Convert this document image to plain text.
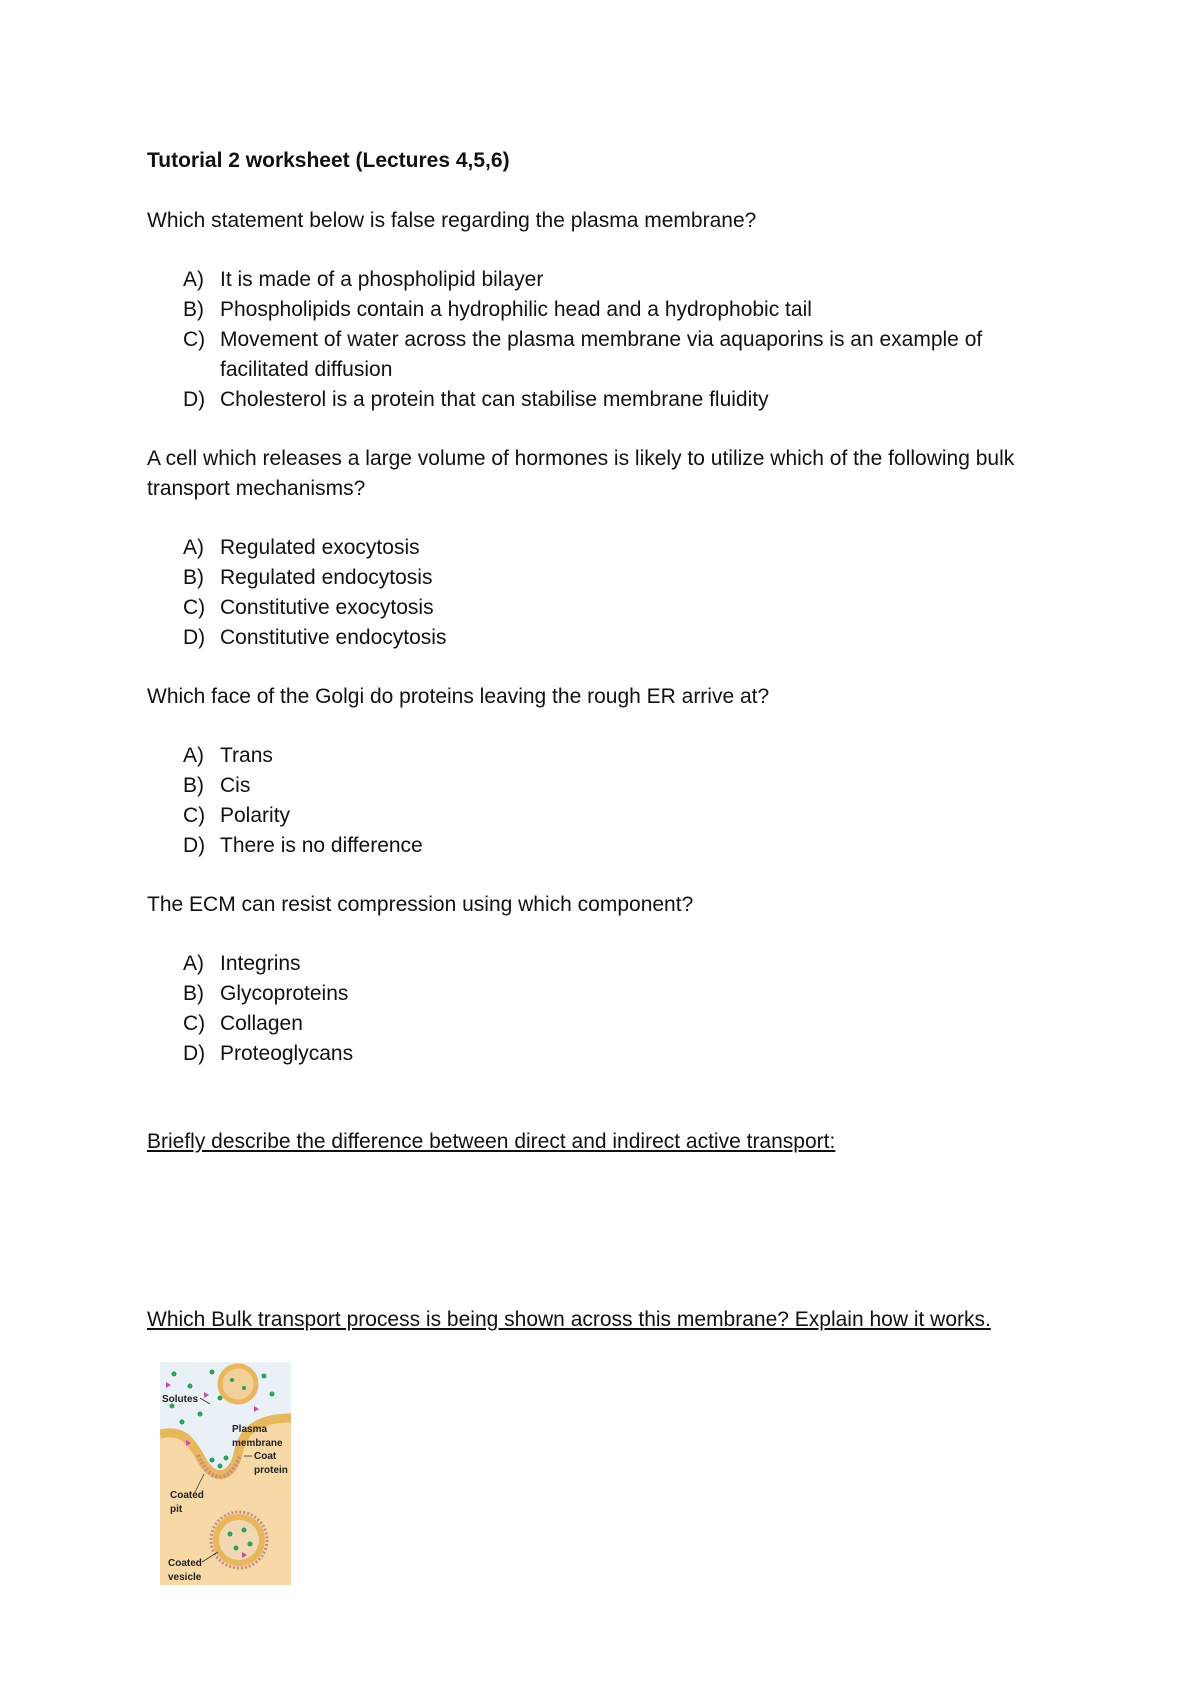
Tutorial 2 worksheet (Lectures 4,5,6)
Which statement below is false regarding the plasma membrane?
A) It is made of a phospholipid bilayer
B) Phospholipids contain a hydrophilic head and a hydrophobic tail
C) Movement of water across the plasma membrane via aquaporins is an example of facilitated diffusion
D) Cholesterol is a protein that can stabilise membrane fluidity
A cell which releases a large volume of hormones is likely to utilize which of the following bulk transport mechanisms?
A) Regulated exocytosis
B) Regulated endocytosis
C) Constitutive exocytosis
D) Constitutive endocytosis
Which face of the Golgi do proteins leaving the rough ER arrive at?
A) Trans
B) Cis
C) Polarity
D) There is no difference
The ECM can resist compression using which component?
A) Integrins
B) Glycoproteins
C) Collagen
D) Proteoglycans
Briefly describe the difference between direct and indirect active transport:
Which Bulk transport process is being shown across this membrane? Explain how it works.
Solutes
Plasma
membrane
Coat
protein
Coated
pit
Coated
vesicle
